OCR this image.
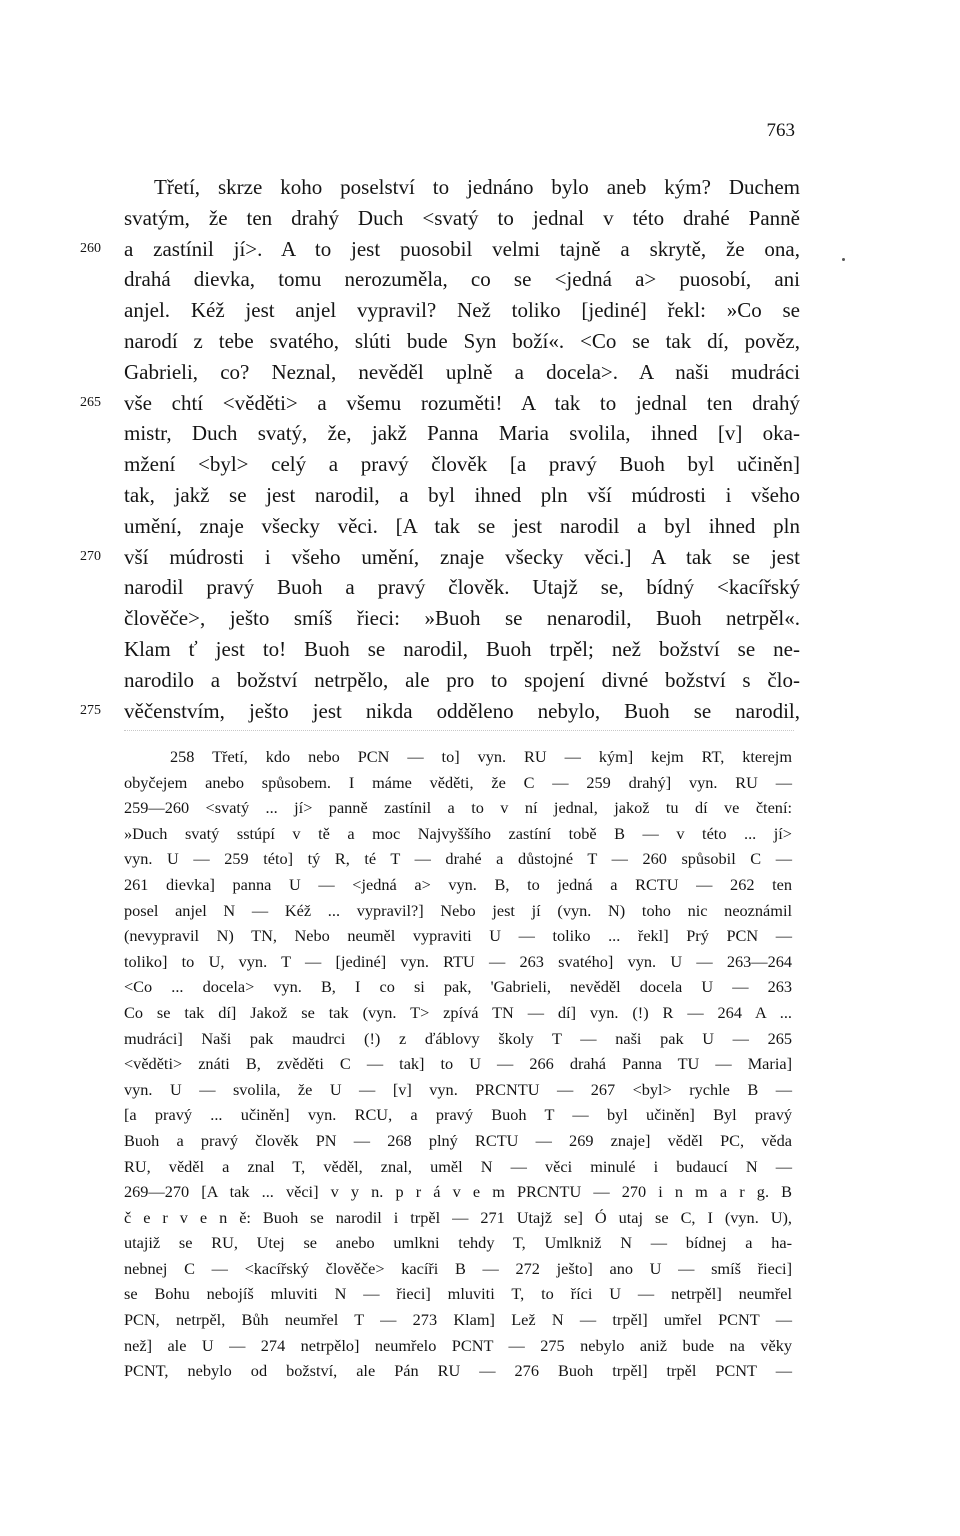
763
Třetí, skrze koho poselství to jednáno bylo aneb kým? Duchem
svatým, že ten drahý Duch <svatý to jednal v této drahé Panně
260	a zastínil jí>. A to jest puosobil velmi tajně a skrytě, že ona,
drahá dievka, tomu nerozuměla, co se <jedná a> puosobí, ani
anjel. Kéž jest anjel vypravil? Než toliko [jediné] řekl: »Co se
narodí z tebe svatého, slúti bude Syn boží«. <Co se tak dí, pověz,
Gabrieli, co? Neznal, nevěděl uplně a docela>. A naši mudráci
265	vše chtí <věděti> a všemu rozuměti! A tak to jednal ten drahý
mistr, Duch svatý, že, jakž Panna Maria svolila, ihned [v] oka-
mžení <byl> celý a pravý člověk [a pravý Buoh byl učiněn]
tak, jakž se jest narodil, a byl ihned pln vší múdrosti i všeho
umění, znaje všecky věci. [A tak se jest narodil a byl ihned pln
270	vší múdrosti i všeho umění, znaje všecky věci.] A tak se jest
narodil pravý Buoh a pravý člověk. Utajž se, bídný <kacířský
člověče>, ješto smíš řieci: »Buoh se nenarodil, Buoh netrpěl«.
Klam ť jest to! Buoh se narodil, Buoh trpěl; než božství se ne-
narodilo a božství netrpělo, ale pro to spojení divné božství s člo-
275	věčenstvím, ješto jest nikda odděleno nebylo, Buoh se narodil,
258 Třetí, kdo nebo PCN — to] vyn. RU — kým] kejm RT, kterejm
obyčejem anebo spůsobem. I máme věděti, že C — 259 drahý] vyn. RU —
259—260 <svatý ... jí> panně zastínil a to v ní jednal, jakož tu dí ve čtení:
»Duch svatý sstúpí v tě a moc Najvyššího zastíní tobě B — v této ... jí>
vyn. U — 259 této] tý R, té T — drahé a důstojné T — 260 spůsobil C —
261 dievka] panna U — <jedná a> vyn. B, to jedná a RCTU — 262 ten
posel anjel N — Kéž ... vypravil?] Nebo jest jí (vyn. N) toho nic neoznámil
(nevypravil N) TN, Nebo neuměl vypraviti U — toliko ... řekl] Prý PCN —
toliko] to U, vyn. T — [jediné] vyn. RTU — 263 svatého] vyn. U — 263—264
<Co ... docela> vyn. B, I co si pak, 'Gabrieli, nevěděl docela U — 263
Co se tak dí] Jakož se tak (vyn. T> zpívá TN — dí] vyn. (!) R — 264 A ...
mudráci] Naši pak maudrci (!) z ďáblovy školy T — naši pak U — 265
<věděti> znáti B, zvěděti C — tak] to U — 266 drahá Panna TU — Maria]
vyn. U — svolila, že U — [v] vyn. PRCNTU — 267 <byl> rychle B —
[a pravý ... učiněn] vyn. RCU, a pravý Buoh T — byl učiněn] Byl pravý
Buoh a pravý člověk PN — 268 plný RCTU — 269 znaje] věděl PC, věda
RU, věděl a znal T, věděl, znal, uměl N — věci minulé i budaucí N —
269—270 [A tak ... věci] v y n. p r á v e m PRCNTU — 270 i n m a r g. B
č e r v e n ě: Buoh se narodil i trpěl — 271 Utajž se] Ó utaj se C, I (vyn. U),
utajiž se RU, Utej se anebo umlkni tehdy T, Umlkniž N — bídnej a ha-
nebnej C — <kacířský člověče> kacíři B — 272 ješto] ano U — smíš řieci]
se Bohu nebojíš mluviti N — řieci] mluviti T, to říci U — netrpěl] neumřel
PCN, netrpěl, Bůh neumřel T — 273 Klam] Lež N — trpěl] umřel PCNT —
než] ale U — 274 netrpělo] neumřelo PCNT — 275 nebylo aniž bude na věky
PCNT, nebylo od božství, ale Pán RU — 276 Buoh trpěl] trpěl PCNT —
